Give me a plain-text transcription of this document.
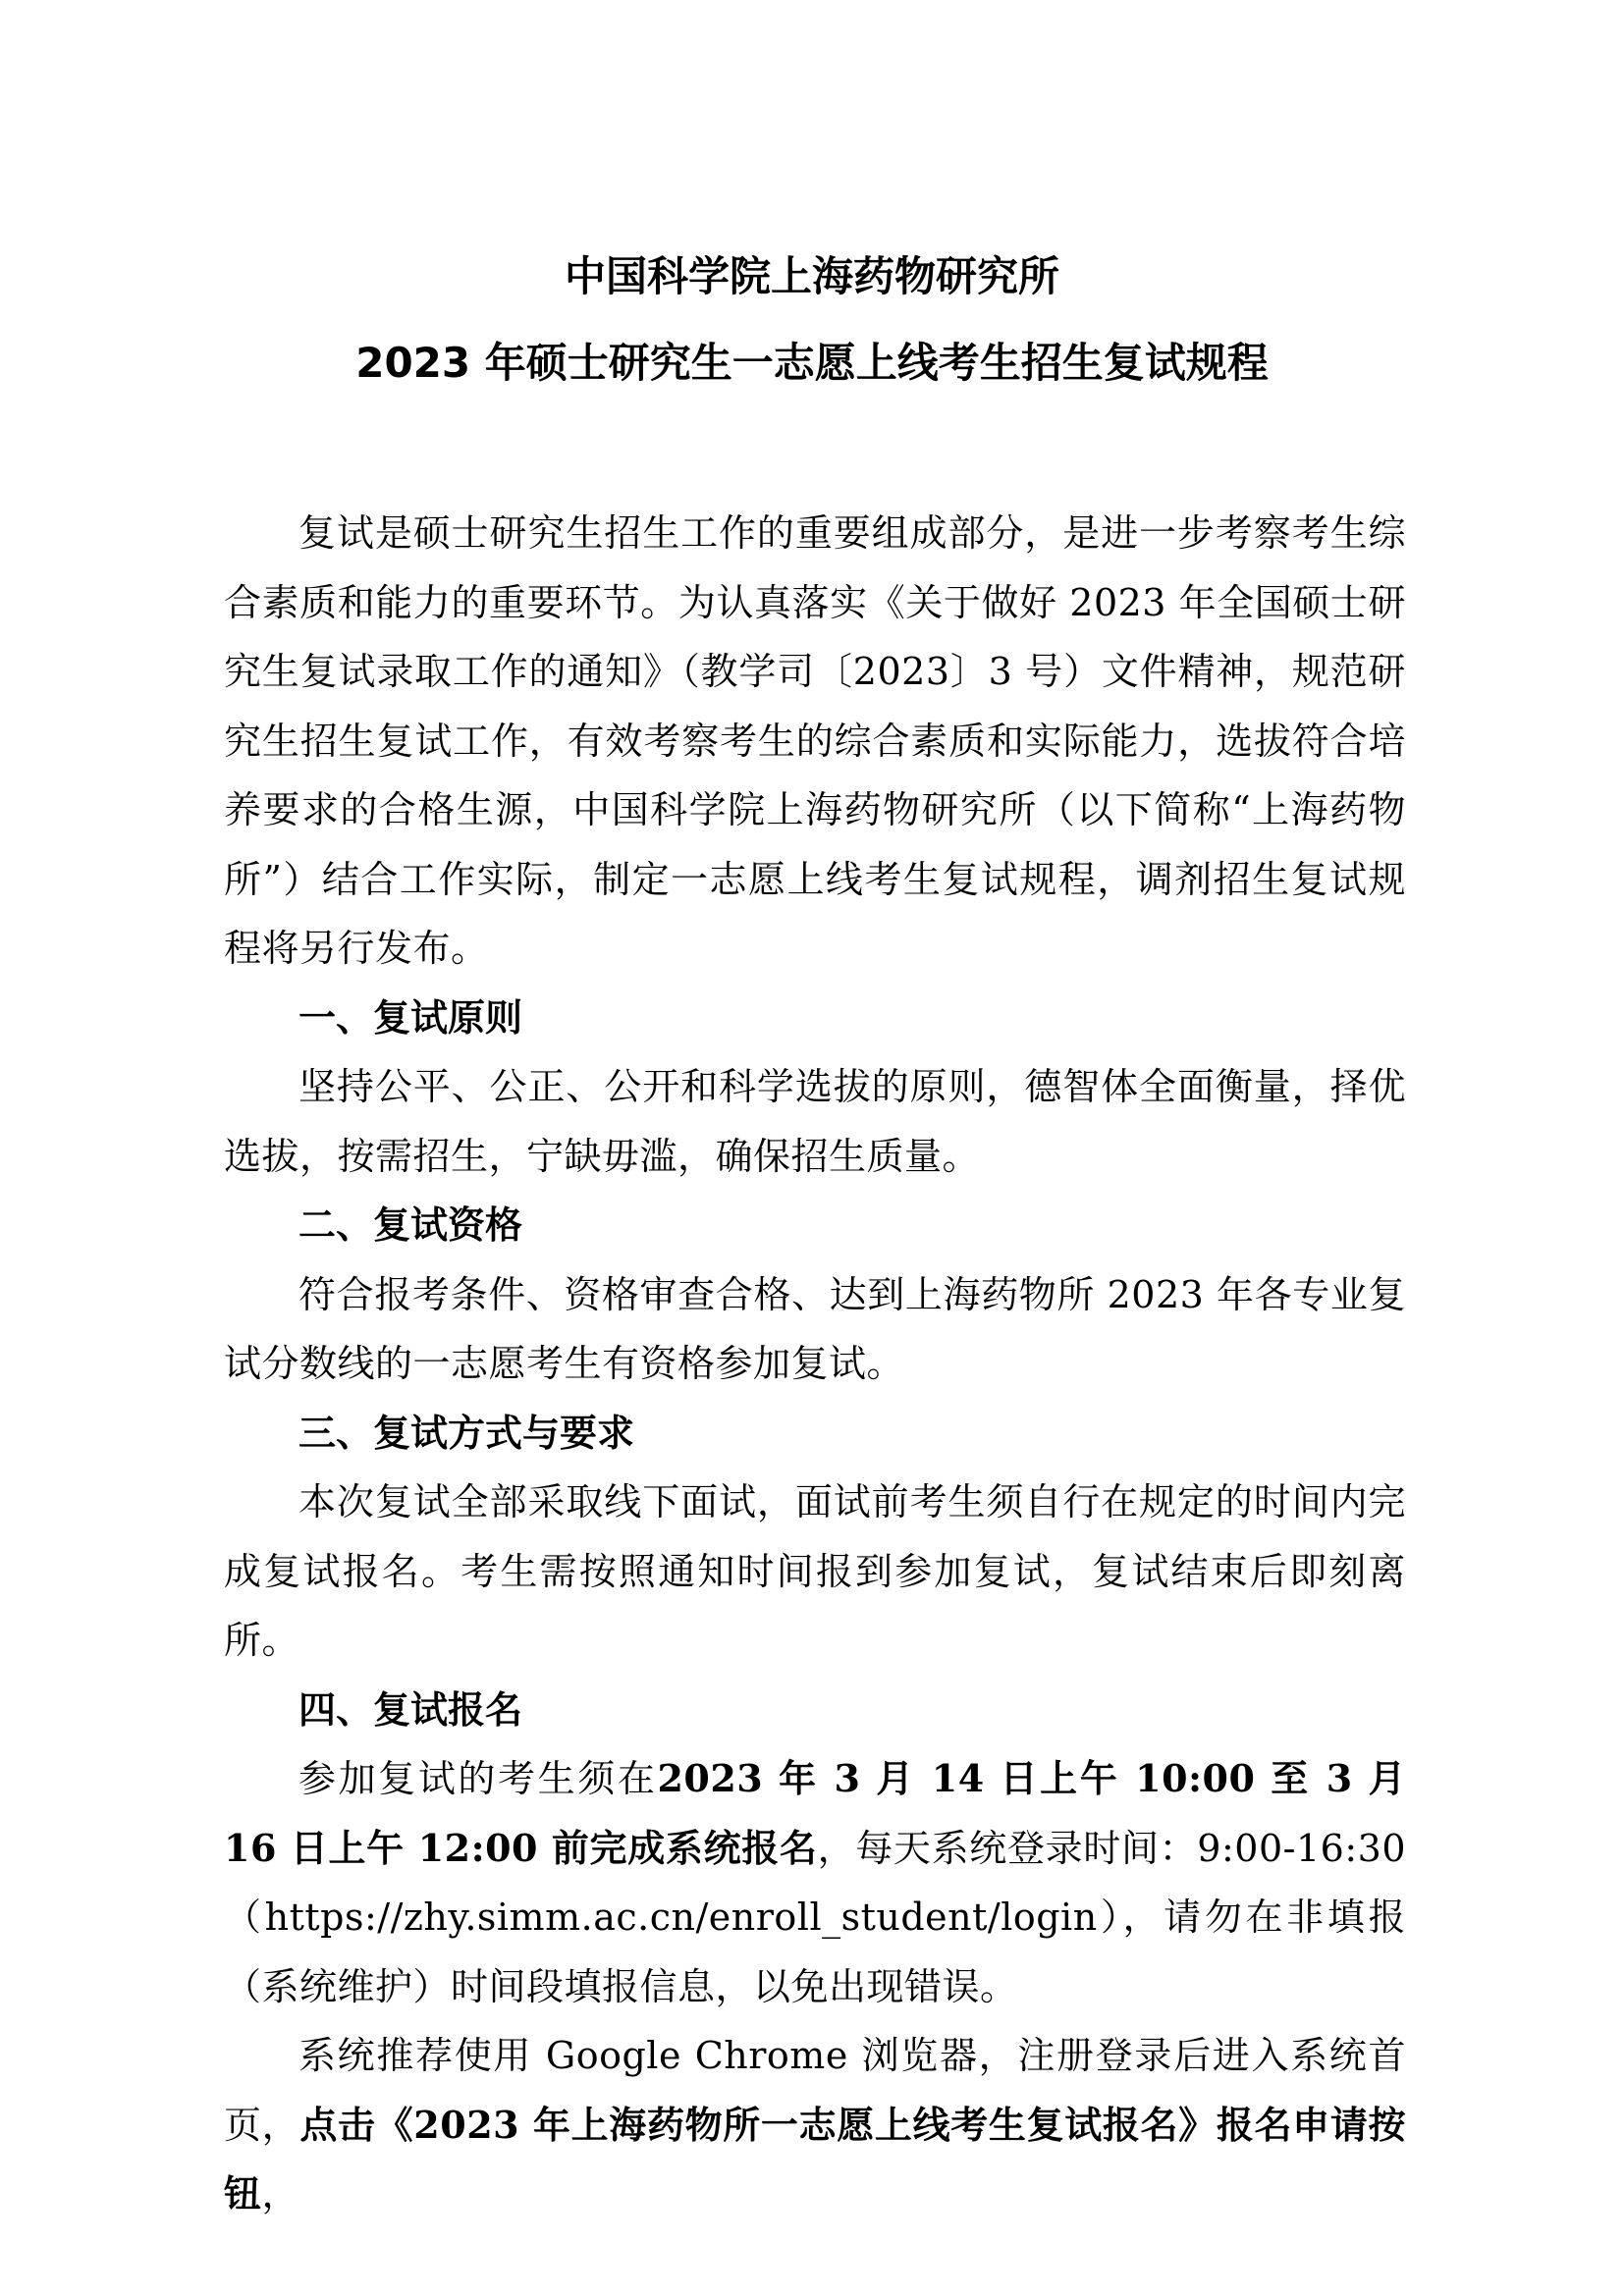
中国科学院上海药物研究所
2023 年硕士研究生一志愿上线考生招生复试规程

复试是硕士研究生招生工作的重要组成部分，是进一步考察考生综合素质和能力的重要环节。为认真落实《关于做好 2023 年全国硕士研究生复试录取工作的通知》（教学司〔2023〕3 号）文件精神，规范研究生招生复试工作，有效考察考生的综合素质和实际能力，选拔符合培养要求的合格生源，中国科学院上海药物研究所（以下简称“上海药物所”）结合工作实际，制定一志愿上线考生复试规程，调剂招生复试规程将另行发布。

一、复试原则

坚持公平、公正、公开和科学选拔的原则，德智体全面衡量，择优选拔，按需招生，宁缺毋滥，确保招生质量。

二、复试资格

符合报考条件、资格审查合格、达到上海药物所 2023 年各专业复试分数线的一志愿考生有资格参加复试。

三、复试方式与要求

本次复试全部采取线下面试，面试前考生须自行在规定的时间内完成复试报名。考生需按照通知时间报到参加复试，复试结束后即刻离所。

四、复试报名

参加复试的考生须在2023 年 3 月 14 日上午 10:00 至 3 月 16 日上午 12:00 前完成系统报名，每天系统登录时间：9:00-16:30（https://zhy.simm.ac.cn/enroll_student/login），请勿在非填报（系统维护）时间段填报信息，以免出现错误。

系统推荐使用 Google Chrome 浏览器，注册登录后进入系统首页，点击《2023 年上海药物所一志愿上线考生复试报名》报名申请按钮，
